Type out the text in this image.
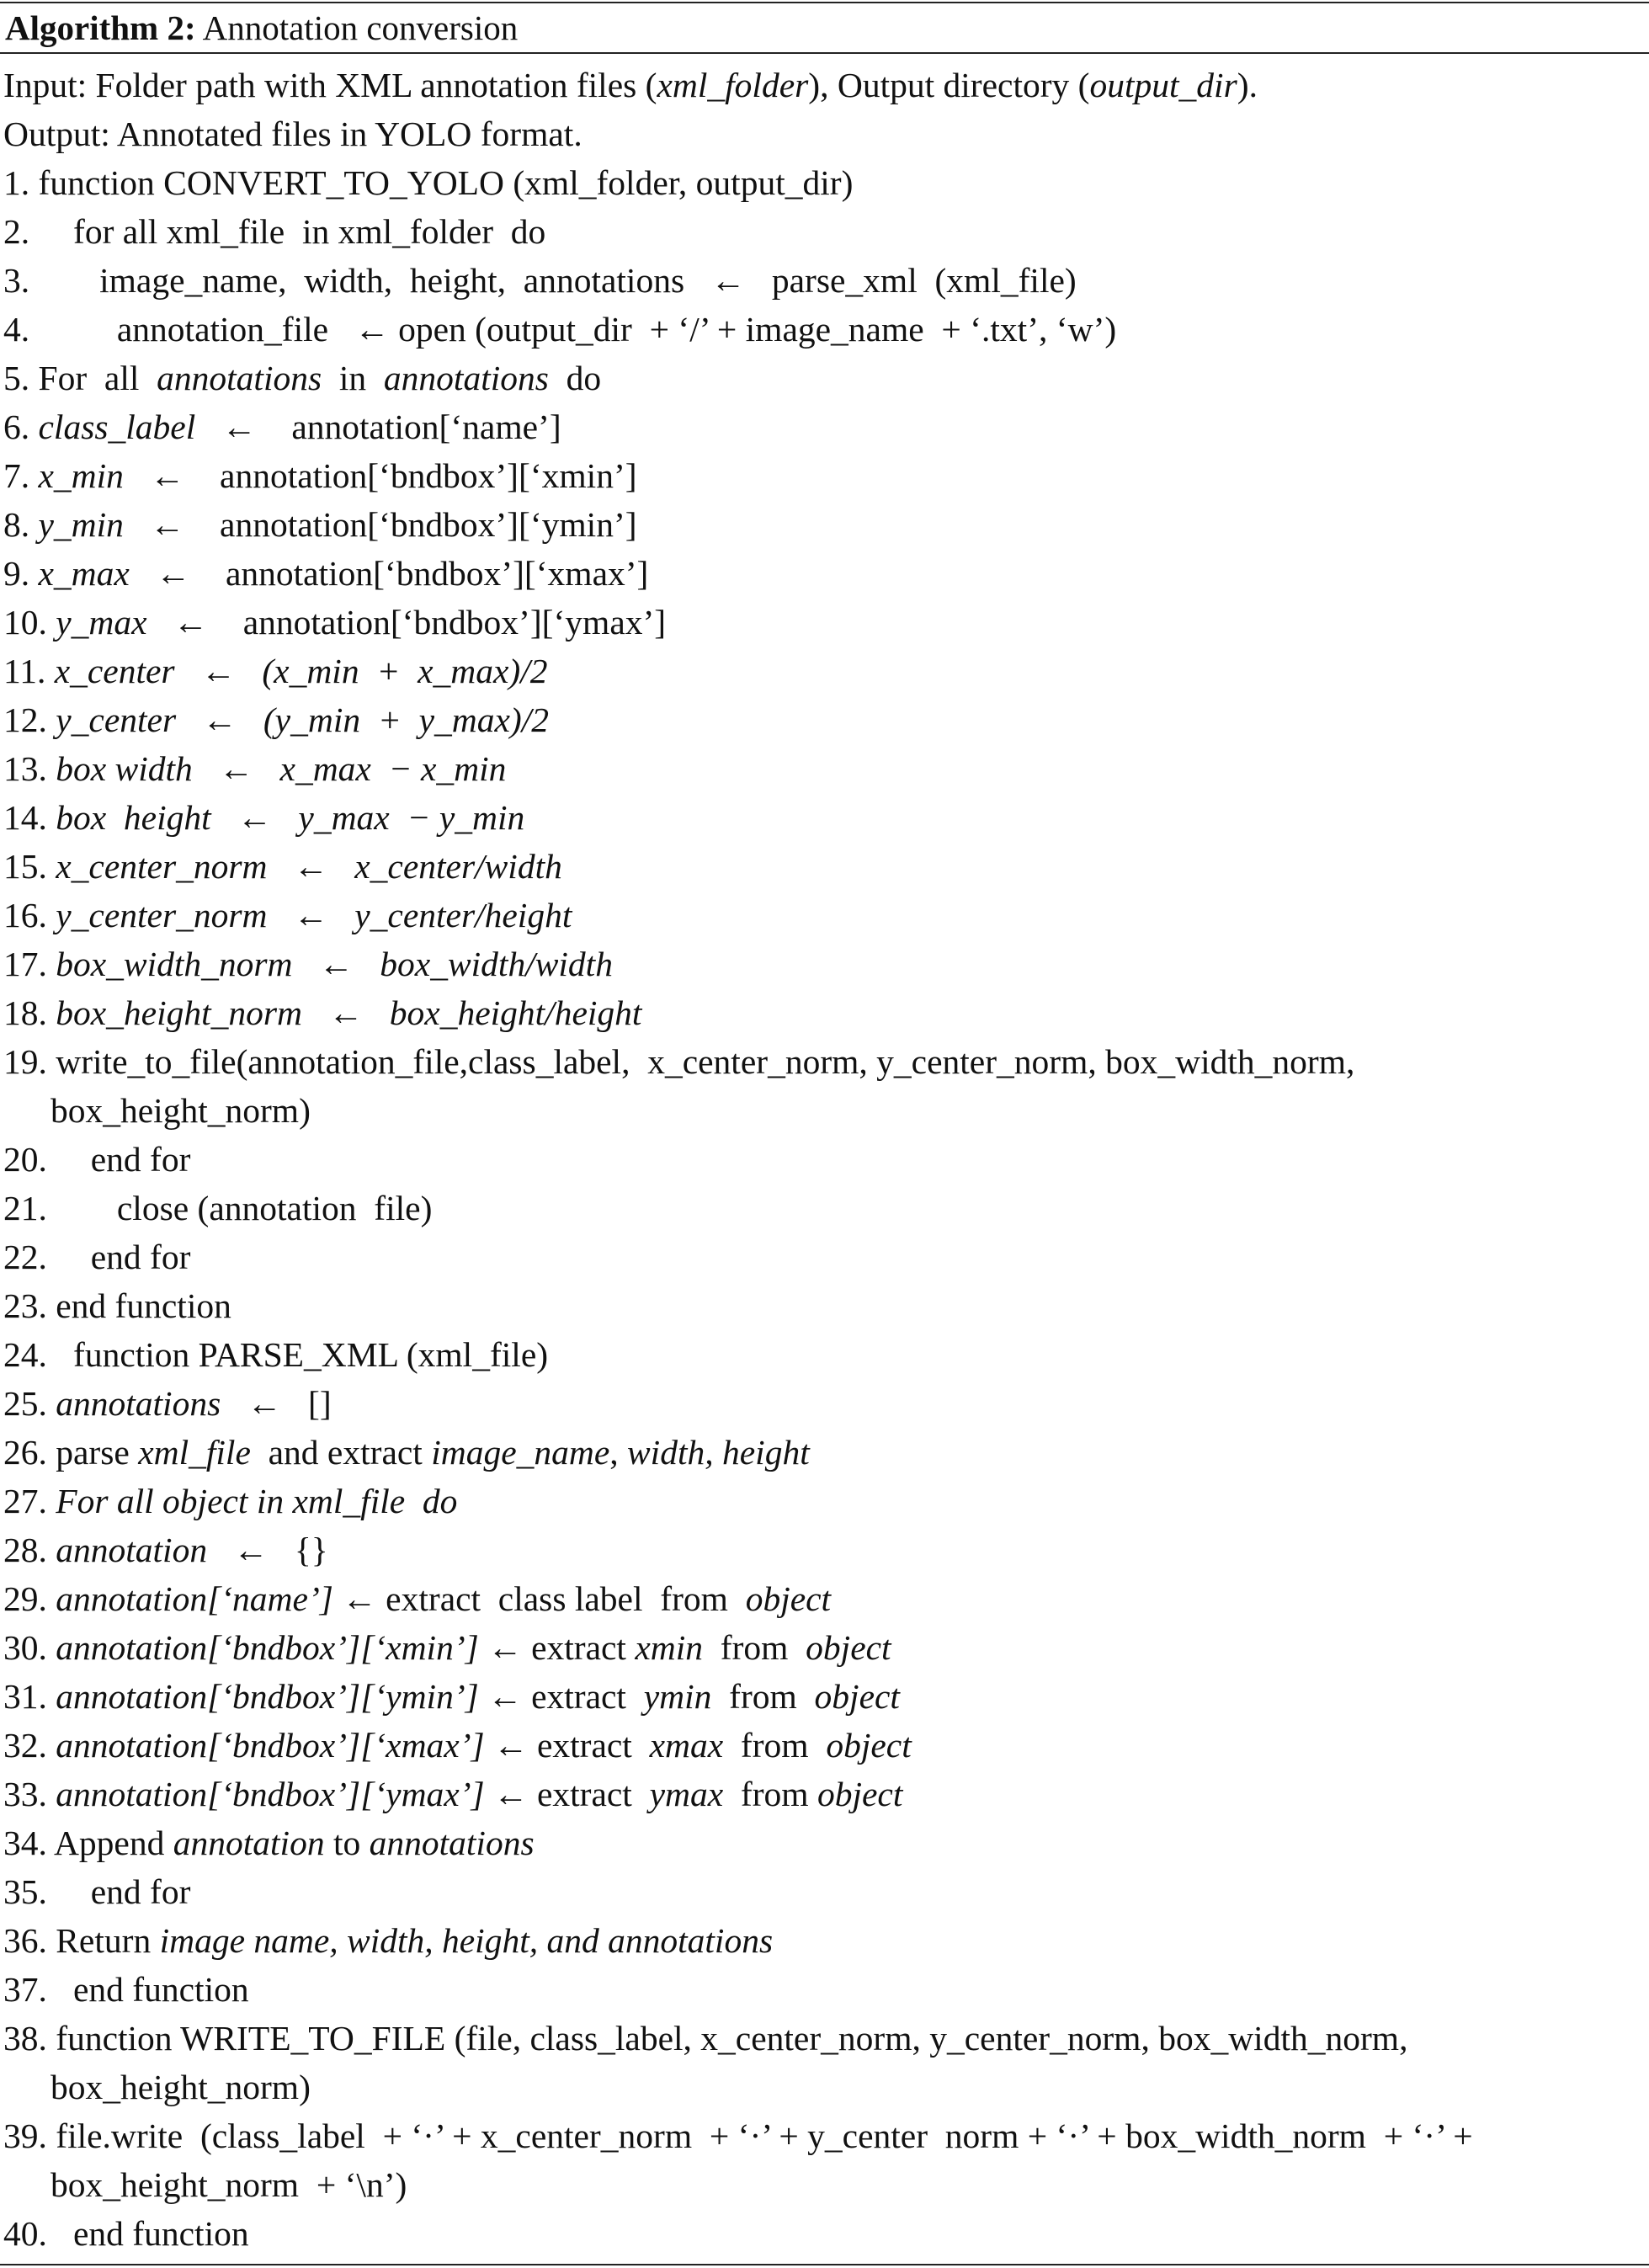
Algorithm 2: Annotation conversion
Input: Folder path with XML annotation files (xml_folder), Output directory (output_dir).
Output: Annotated files in YOLO format.
1. function CONVERT_TO_YOLO (xml_folder, output_dir)
2.     for all xml_file  in xml_folder  do
3.        image_name,  width,  height,  annotations   ←   parse_xml  (xml_file)
4.          annotation_file   ← open (output_dir  + ‘/’ + image_name  + ‘.txt’, ‘w’)
5. For  all  annotations  in  annotations  do
6. class_label   ←    annotation[‘name’]
7. x_min   ←    annotation[‘bndbox’][‘xmin’]
8. y_min   ←    annotation[‘bndbox’][‘ymin’]
9. x_max   ←    annotation[‘bndbox’][‘xmax’]
10. y_max   ←    annotation[‘bndbox’][‘ymax’]
11. x_center   ←   (x_min  +  x_max)/2
12. y_center   ←   (y_min  +  y_max)/2
13. box width   ←   x_max  − x_min
14. box  height   ←   y_max  − y_min
15. x_center_norm   ←   x_center/width
16. y_center_norm   ←   y_center/height
17. box_width_norm   ←   box_width/width
18. box_height_norm   ←   box_height/height
19. write_to_file(annotation_file,class_label,  x_center_norm, y_center_norm, box_width_norm,
box_height_norm)
20.     end for
21.        close (annotation  file)
22.     end for
23. end function
24.   function PARSE_XML (xml_file)
25. annotations   ←   []
26. parse xml_file  and extract image_name, width, height
27. For all object in xml_file  do
28. annotation   ←   {}
29. annotation[‘name’] ← extract  class label  from  object
30. annotation[‘bndbox’][‘xmin’] ← extract xmin  from  object
31. annotation[‘bndbox’][‘ymin’] ← extract  ymin  from  object
32. annotation[‘bndbox’][‘xmax’] ← extract  xmax  from  object
33. annotation[‘bndbox’][‘ymax’] ← extract  ymax  from object
34. Append annotation to annotations
35.     end for
36. Return image name, width, height, and annotations
37.   end function
38. function WRITE_TO_FILE (file, class_label, x_center_norm, y_center_norm, box_width_norm,
box_height_norm)
39. file.write  (class_label  + ‘·’ + x_center_norm  + ‘·’ + y_center  norm + ‘·’ + box_width_norm  + ‘·’ +
box_height_norm  + ‘\n’)
40.   end function
